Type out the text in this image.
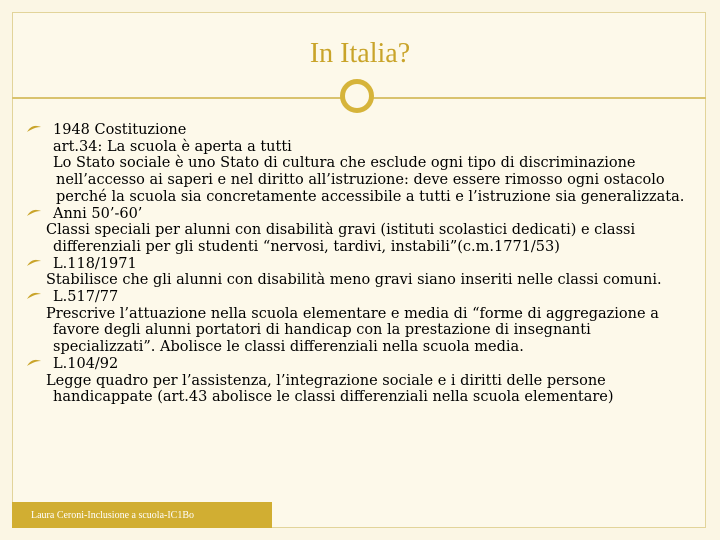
In Italia?
1948 Costituzione
art.34: La scuola è aperta a tutti
Lo Stato sociale è uno Stato di cultura che esclude ogni tipo di discriminazione
nell’accesso ai saperi e nel diritto all’istruzione: deve essere rimosso ogni ostacolo
perché la scuola sia concretamente accessibile a tutti e l’istruzione sia generalizzata.
Anni 50’-60’
Classi speciali per alunni con disabilità gravi (istituti scolastici dedicati) e classi
differenziali per gli studenti “nervosi, tardivi, instabili”(c.m.1771/53)
L.118/1971
Stabilisce che gli alunni con disabilità meno gravi siano inseriti nelle classi comuni.
L.517/77
Prescrive l’attuazione nella scuola elementare e media di “forme di aggregazione a
favore degli alunni portatori di handicap con la prestazione di insegnanti
specializzati”. Abolisce le classi differenziali nella scuola media.
L.104/92
Legge quadro per l’assistenza, l’integrazione sociale e i diritti delle persone
handicappate (art.43 abolisce le classi differenziali nella scuola elementare)
Laura Ceroni-Inclusione a scuola-IC1Bo
